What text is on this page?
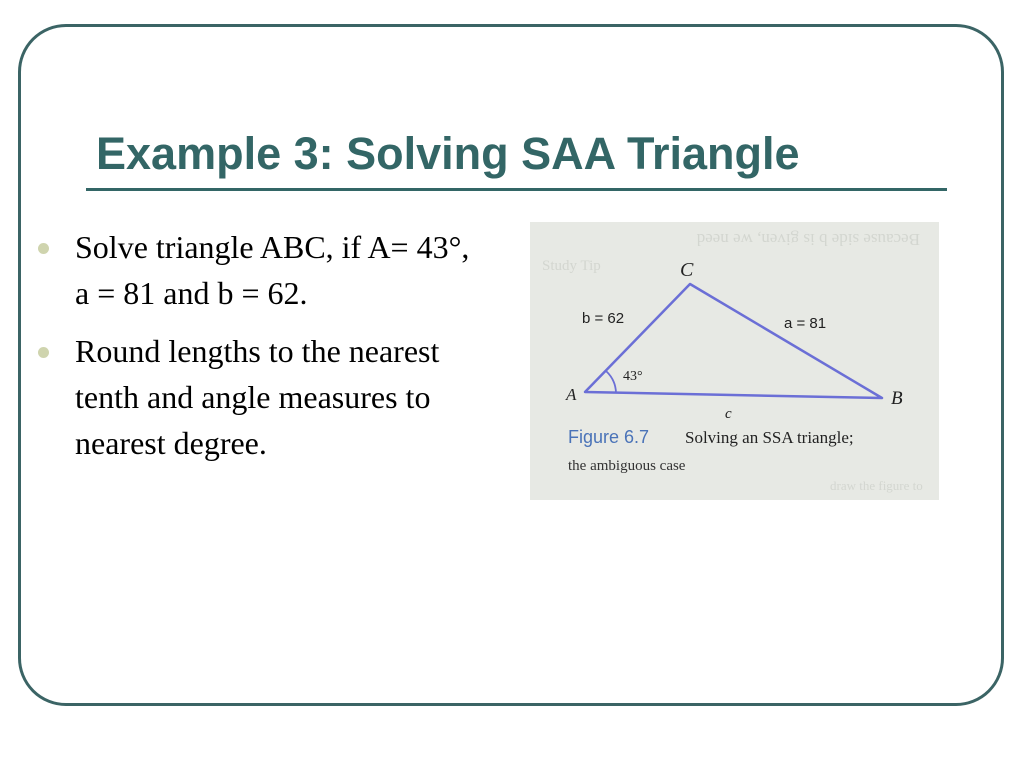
Example 3: Solving SAA Triangle
Solve triangle ABC, if A= 43°, a = 81 and b = 62.
Round lengths to the nearest tenth and angle measures to nearest degree.
Because side b is given, we need
Study Tip
draw the figure to
C
A	B
b = 62	a = 81
c
43°
Figure 6.7 Solving an SSA triangle;
the ambiguous case
